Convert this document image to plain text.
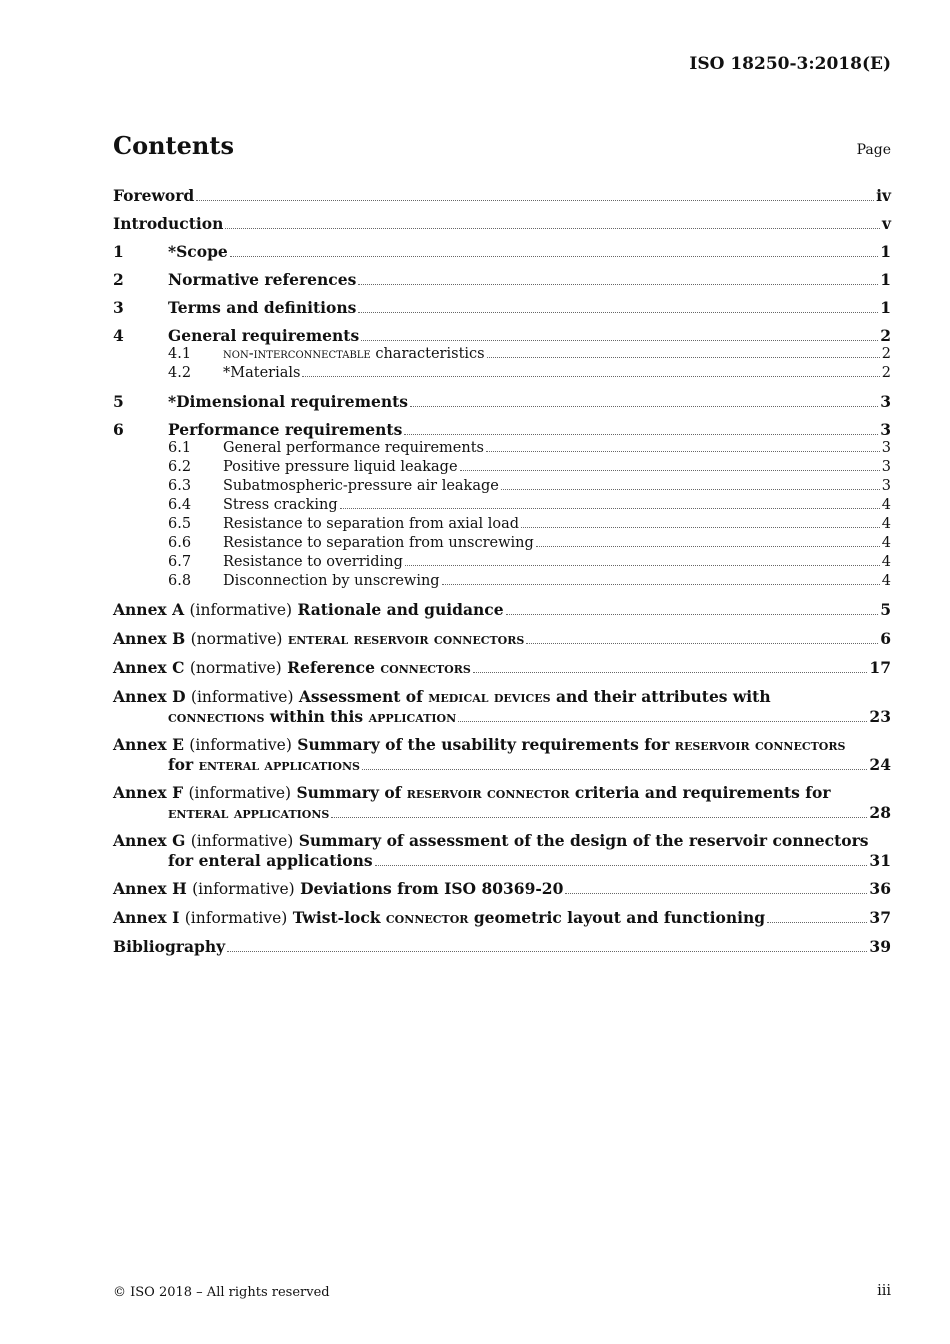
ISO 18250-3:2018(E)
Contents	Page
Foreword	iv
Introduction	v
1	*Scope	1
2	Normative references	1
3	Terms and definitions	1
4	General requirements	2
4.1	non-interconnectable characteristics	2
4.2	*Materials	2
5	*Dimensional requirements	3
6	Performance requirements	3
6.1	General performance requirements	3
6.2	Positive pressure liquid leakage	3
6.3	Subatmospheric-pressure air leakage	3
6.4	Stress cracking	4
6.5	Resistance to separation from axial load	4
6.6	Resistance to separation from unscrewing	4
6.7	Resistance to overriding	4
6.8	Disconnection by unscrewing	4
Annex A (informative) Rationale and guidance	5
Annex B (normative) enteral reservoir connectors	6
Annex C (normative) Reference connectors	17
Annex D (informative) Assessment of medical devices and their attributes with
connections within this application	23
Annex E (informative) Summary of the usability requirements for reservoir connectors
for enteral applications	24
Annex F (informative) Summary of reservoir connector criteria and requirements for
enteral applications	28
Annex G (informative) Summary of assessment of the design of the reservoir connectors
for enteral applications	31
Annex H (informative) Deviations from ISO 80369-20	36
Annex I (informative) Twist-lock connector geometric layout and functioning	37
Bibliography	39
© ISO 2018 – All rights reserved	iii
